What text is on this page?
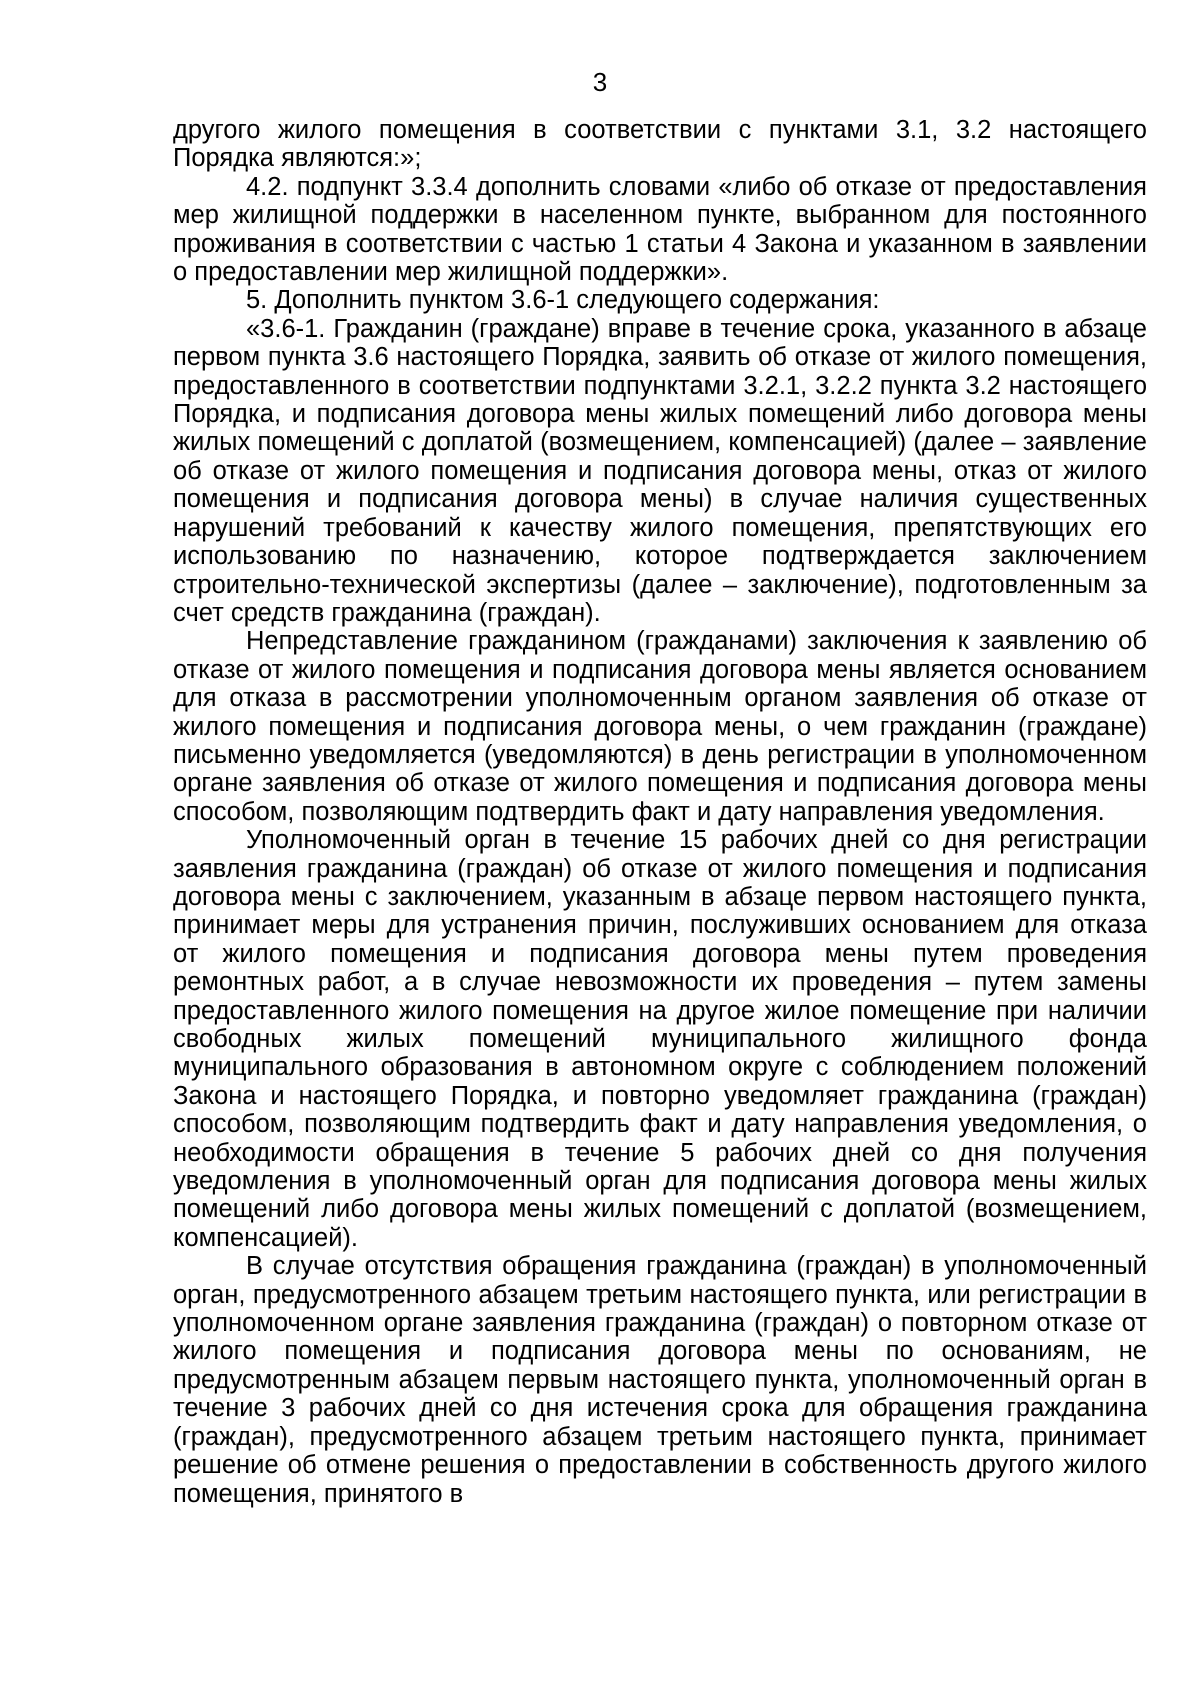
3

другого жилого помещения в соответствии с пунктами 3.1, 3.2 настоящего Порядка являются:»;

4.2. подпункт 3.3.4 дополнить словами «либо об отказе от предоставления мер жилищной поддержки в населенном пункте, выбранном для постоянного проживания в соответствии с частью 1 статьи 4 Закона и указанном в заявлении о предоставлении мер жилищной поддержки».

5. Дополнить пунктом 3.6-1 следующего содержания:

«3.6-1. Гражданин (граждане) вправе в течение срока, указанного в абзаце первом пункта 3.6 настоящего Порядка, заявить об отказе от жилого помещения, предоставленного в соответствии подпунктами 3.2.1, 3.2.2 пункта 3.2 настоящего Порядка, и подписания договора мены жилых помещений либо договора мены жилых помещений с доплатой (возмещением, компенсацией) (далее – заявление об отказе от жилого помещения и подписания договора мены, отказ от жилого помещения и подписания договора мены) в случае наличия существенных нарушений требований к качеству жилого помещения, препятствующих его использованию по назначению, которое подтверждается заключением строительно-технической экспертизы (далее – заключение), подготовленным за счет средств гражданина (граждан).

Непредставление гражданином (гражданами) заключения к заявлению об отказе от жилого помещения и подписания договора мены является основанием для отказа в рассмотрении уполномоченным органом заявления об отказе от жилого помещения и подписания договора мены, о чем гражданин (граждане) письменно уведомляется (уведомляются) в день регистрации в уполномоченном органе заявления об отказе от жилого помещения и подписания договора мены способом, позволяющим подтвердить факт и дату направления уведомления.

Уполномоченный орган в течение 15 рабочих дней со дня регистрации заявления гражданина (граждан) об отказе от жилого помещения и подписания договора мены с заключением, указанным в абзаце первом настоящего пункта, принимает меры для устранения причин, послуживших основанием для отказа от жилого помещения и подписания договора мены путем проведения ремонтных работ, а в случае невозможности их проведения – путем замены предоставленного жилого помещения на другое жилое помещение при наличии свободных жилых помещений муниципального жилищного фонда муниципального образования в автономном округе с соблюдением положений Закона и настоящего Порядка, и повторно уведомляет гражданина (граждан) способом, позволяющим подтвердить факт и дату направления уведомления, о необходимости обращения в течение 5 рабочих дней со дня получения уведомления в уполномоченный орган для подписания договора мены жилых помещений либо договора мены жилых помещений с доплатой (возмещением, компенсацией).

В случае отсутствия обращения гражданина (граждан) в уполномоченный орган, предусмотренного абзацем третьим настоящего пункта, или регистрации в уполномоченном органе заявления гражданина (граждан) о повторном отказе от жилого помещения и подписания договора мены по основаниям, не предусмотренным абзацем первым настоящего пункта, уполномоченный орган в течение 3 рабочих дней со дня истечения срока для обращения гражданина (граждан), предусмотренного абзацем третьим настоящего пункта, принимает решение об отмене решения о предоставлении в собственность другого жилого помещения, принятого в
